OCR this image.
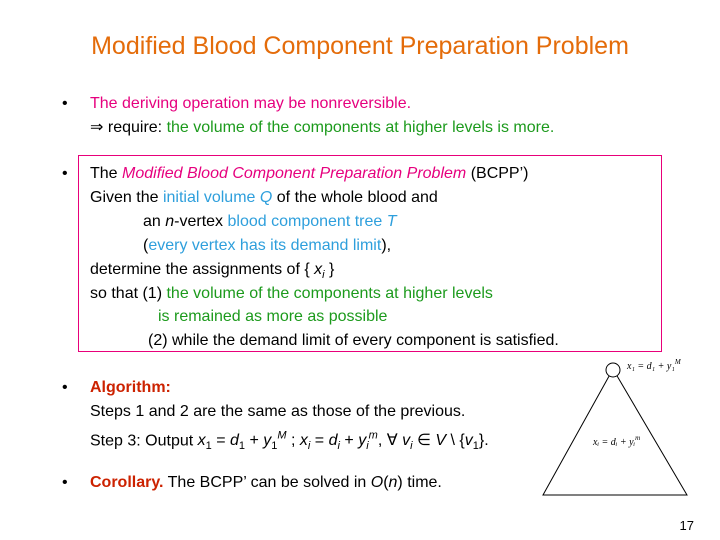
Modified Blood Component Preparation Problem
• The deriving operation may be nonreversible.
⇒ require: the volume of the components at higher levels is more.
• The Modified Blood Component Preparation Problem (BCPP’)
Given the initial volume Q of the whole blood and
an n-vertex blood component tree T
(every vertex has its demand limit),
determine the assignments of { $x_i$ }
so that (1) the volume of the components at higher levels
is remained as more as possible
(2) while the demand limit of every component is satisfied.
• Algorithm:
Steps 1 and 2 are the same as those of the previous.
Step 3: Output $x_1 = d_1 + y_1^M$ ; $x_i = d_i + y_i^m$, ∀ $v_i$ ∈ V \ $\{v_1\}$.
• Corollary. The BCPP’ can be solved in O(n) time.
x₁ = d₁ + y₁$^M$
xᵢ = dᵢ + yᵢ$^m$
17
